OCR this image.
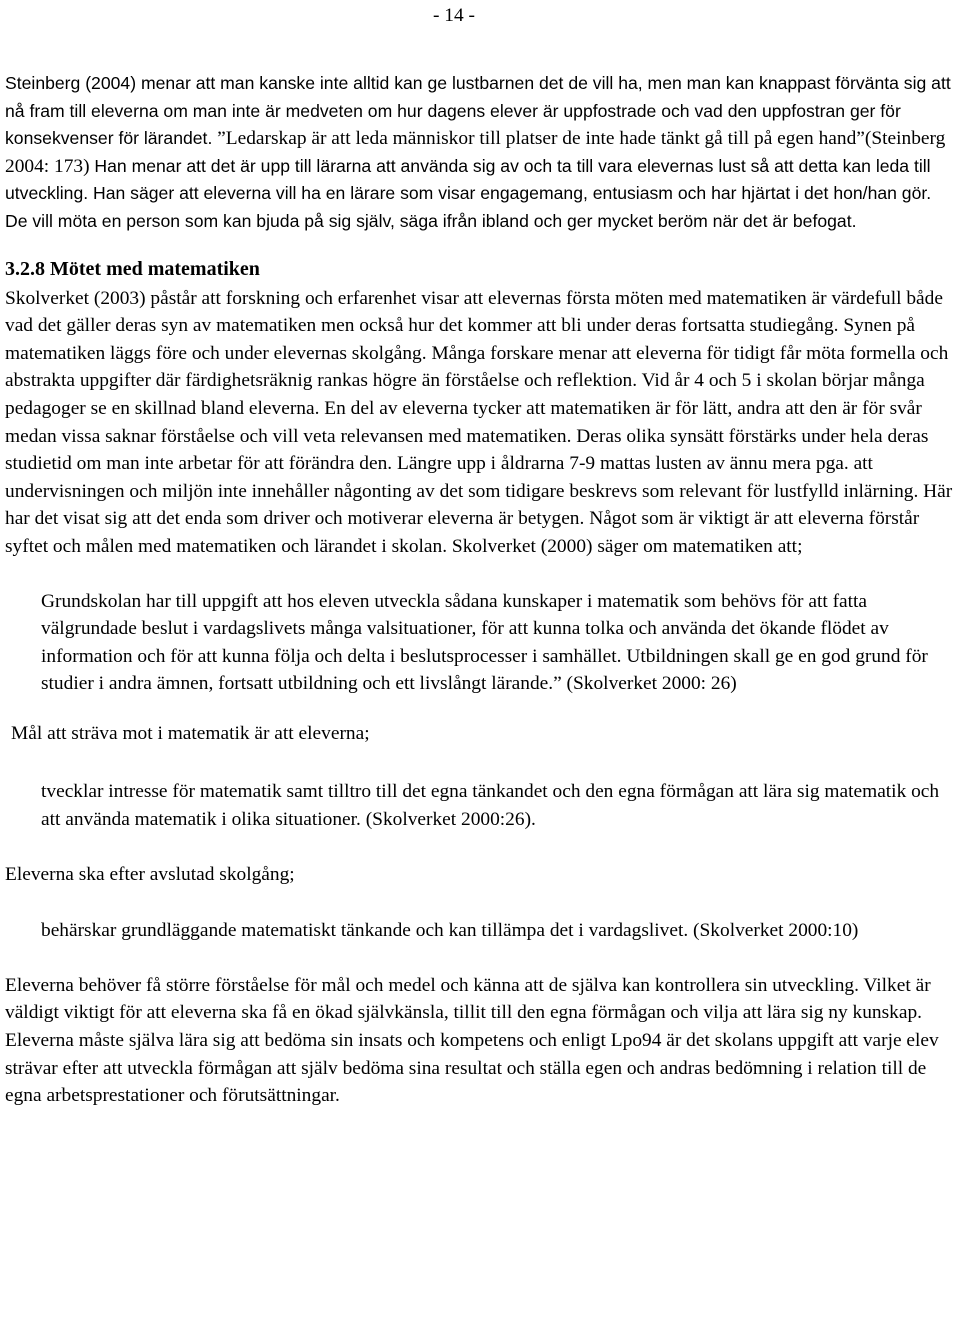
- 14 -

Steinberg (2004) menar att man kanske inte alltid kan ge lustbarnen det de vill ha, men man kan knappast förvänta sig att nå fram till eleverna om man inte är medveten om hur dagens elever är uppfostrade och vad den uppfostran ger för konsekvenser för lärandet. ”Ledarskap är att leda människor till platser de inte hade tänkt gå till på egen hand”(Steinberg 2004: 173) Han menar att det är upp till lärarna att använda sig av och ta till vara elevernas lust så att detta kan leda till utveckling. Han säger att eleverna vill ha en lärare som visar engagemang, entusiasm och har hjärtat i det hon/han gör. De vill möta en person som kan bjuda på sig själv, säga ifrån ibland och ger mycket beröm när det är befogat.

3.2.8 Mötet med matematiken

Skolverket (2003) påstår att forskning och erfarenhet visar att elevernas första möten med matematiken är värdefull både vad det gäller deras syn av matematiken men också hur det kommer att bli under deras fortsatta studiegång. Synen på matematiken läggs före och under elevernas skolgång. Många forskare menar att eleverna för tidigt får möta formella och abstrakta uppgifter där färdighetsräknig rankas högre än förståelse och reflektion. Vid år 4 och 5 i skolan börjar många pedagoger se en skillnad bland eleverna. En del av eleverna tycker att matematiken är för lätt, andra att den är för svår medan vissa saknar förståelse och vill veta relevansen med matematiken. Deras olika synsätt förstärks under hela deras studietid om man inte arbetar för att förändra den. Längre upp i åldrarna 7-9 mattas lusten av ännu mera pga. att undervisningen och miljön inte innehåller någonting av det som tidigare beskrevs som relevant för lustfylld inlärning. Här har det visat sig att det enda som driver och motiverar eleverna är betygen. Något som är viktigt är att eleverna förstår syftet och målen med matematiken och lärandet i skolan. Skolverket (2000) säger om matematiken att;

Grundskolan har till uppgift att hos eleven utveckla sådana kunskaper i matematik som behövs för att fatta välgrundade beslut i vardagslivets många valsituationer, för att kunna tolka och använda det ökande flödet av information och för att kunna följa och delta i beslutsprocesser i samhället. Utbildningen skall ge en god grund för studier i andra ämnen, fortsatt utbildning och ett livslångt lärande.” (Skolverket 2000: 26)

Mål att sträva mot i matematik är att eleverna;

tvecklar intresse för matematik samt tilltro till det egna tänkandet och den egna förmågan att lära sig matematik och att använda matematik i olika situationer. (Skolverket 2000:26).

Eleverna ska efter avslutad skolgång;

behärskar grundläggande matematiskt tänkande och kan tillämpa det i vardagslivet. (Skolverket 2000:10)

Eleverna behöver få större förståelse för mål och medel och känna att de själva kan kontrollera sin utveckling. Vilket är väldigt viktigt för att eleverna ska få en ökad självkänsla, tillit till den egna förmågan och vilja att lära sig ny kunskap. Eleverna måste själva lära sig att bedöma sin insats och kompetens och enligt Lpo94 är det skolans uppgift att varje elev strävar efter att utveckla förmågan att själv bedöma sina resultat och ställa egen och andras bedömning i relation till de egna arbetsprestationer och förutsättningar.
